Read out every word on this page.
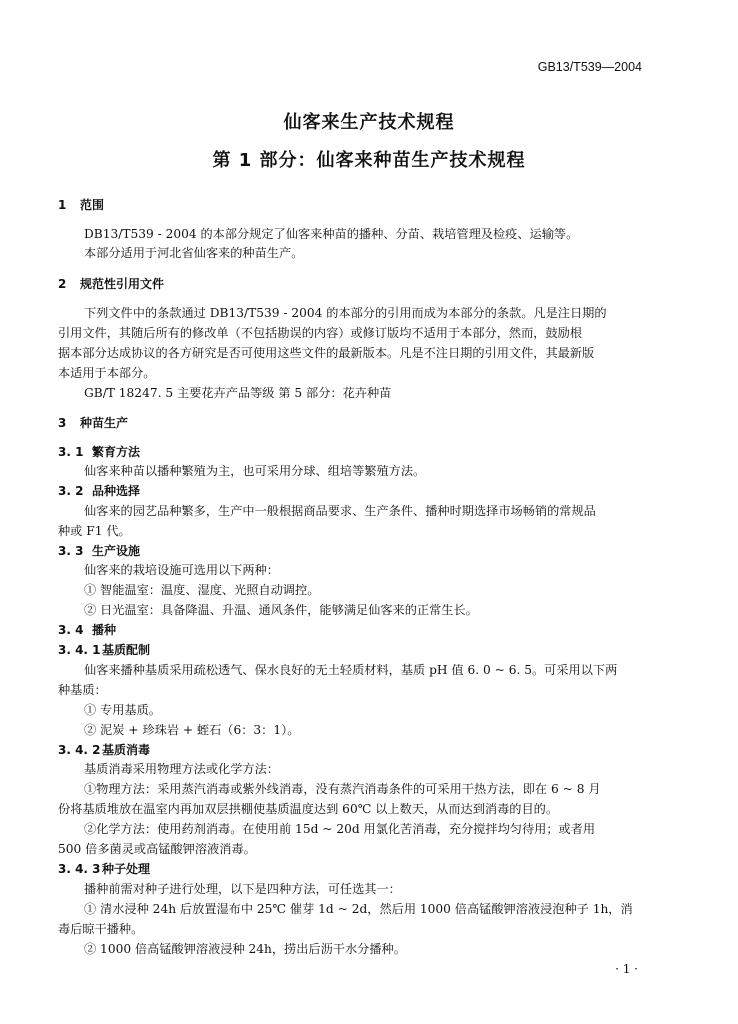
GB13/T539—2004
仙客来生产技术规程
第 1 部分：仙客来种苗生产技术规程
1 范围
DB13/T539 - 2004 的本部分规定了仙客来种苗的播种、分苗、栽培管理及检疫、运输等。
本部分适用于河北省仙客来的种苗生产。
2 规范性引用文件
下列文件中的条款通过 DB13/T539 - 2004 的本部分的引用而成为本部分的条款。凡是注日期的
引用文件，其随后所有的修改单（不包括勘误的内容）或修订版均不适用于本部分，然而，鼓励根
据本部分达成协议的各方研究是否可使用这些文件的最新版本。凡是不注日期的引用文件，其最新版
本适用于本部分。
GB/T 18247. 5 主要花卉产品等级 第 5 部分：花卉种苗
3 种苗生产
3. 1 繁育方法
仙客来种苗以播种繁殖为主，也可采用分球、组培等繁殖方法。
3. 2 品种选择
仙客来的园艺品种繁多，生产中一般根据商品要求、生产条件、播种时期选择市场畅销的常规品
种或 F1 代。
3. 3 生产设施
仙客来的栽培设施可选用以下两种：
① 智能温室：温度、湿度、光照自动调控。
② 日光温室：具备降温、升温、通风条件，能够满足仙客来的正常生长。
3. 4 播种
3. 4. 1基质配制
仙客来播种基质采用疏松透气、保水良好的无土轻质材料，基质 pH 值 6. 0 ~ 6. 5。可采用以下两
种基质：
① 专用基质。
② 泥炭 + 珍珠岩 + 蛭石（6：3：1）。
3. 4. 2基质消毒
基质消毒采用物理方法或化学方法：
①物理方法：采用蒸汽消毒或紫外线消毒，没有蒸汽消毒条件的可采用干热方法，即在 6 ~ 8 月
份将基质堆放在温室内再加双层拱棚使基质温度达到 60℃ 以上数天，从而达到消毒的目的。
②化学方法：使用药剂消毒。在使用前 15d ~ 20d 用氯化苦消毒，充分搅拌均匀待用；或者用
500 倍多菌灵或高锰酸钾溶液消毒。
3. 4. 3种子处理
播种前需对种子进行处理，以下是四种方法，可任选其一：
① 清水浸种 24h 后放置湿布中 25℃ 催芽 1d ~ 2d，然后用 1000 倍高锰酸钾溶液浸泡种子 1h，消
毒后晾干播种。
② 1000 倍高锰酸钾溶液浸种 24h，捞出后沥干水分播种。
· 1 ·
